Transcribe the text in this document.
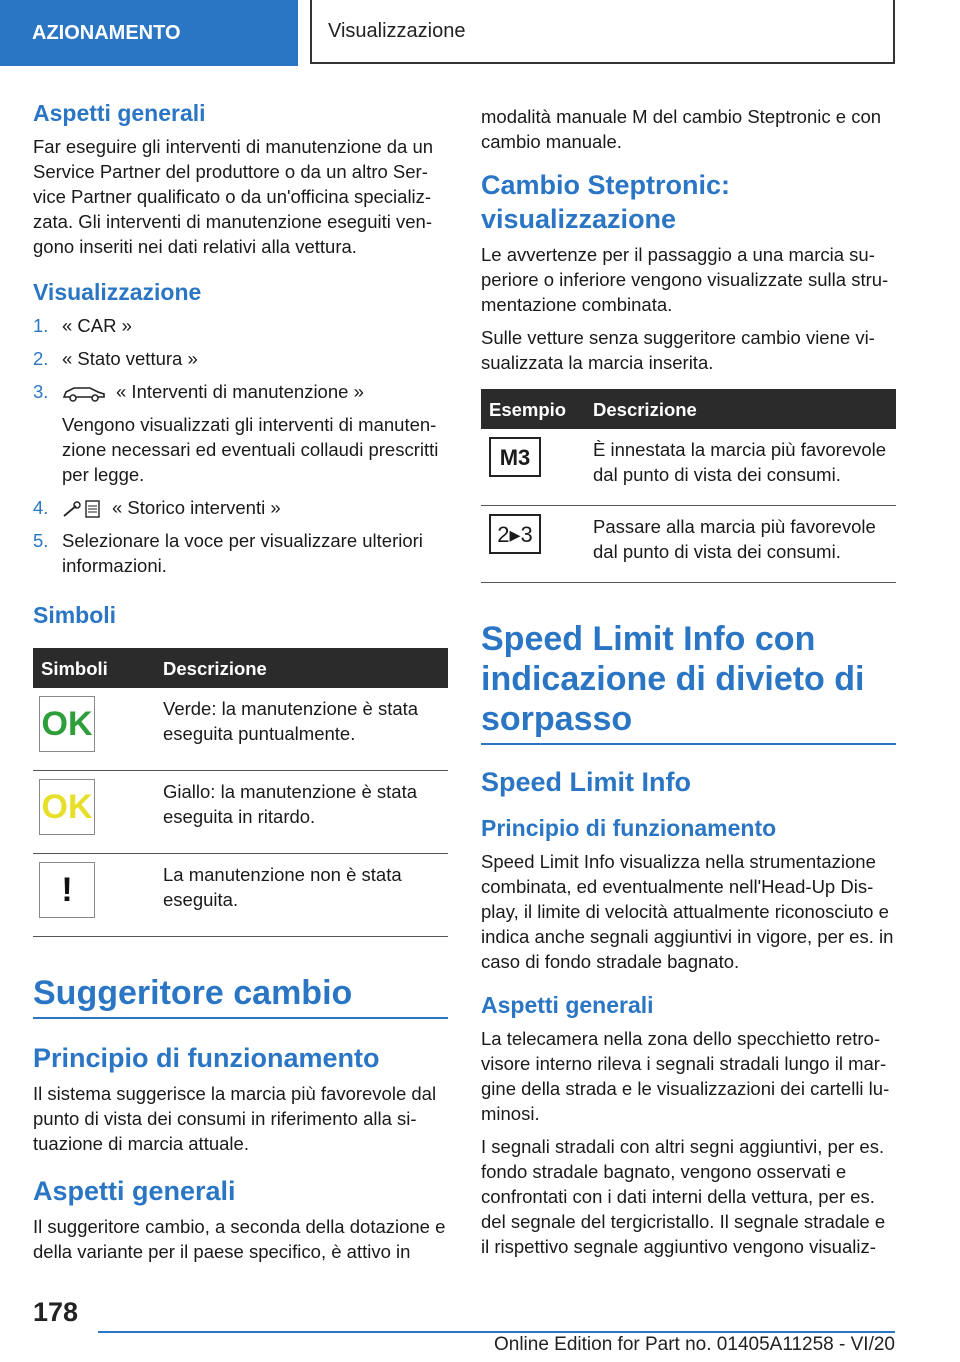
AZIONAMENTO	Visualizzazione
Aspetti generali

Far eseguire gli interventi di manutenzione da un Service Partner del produttore o da un altro Ser-vice Partner qualificato o da un'officina specializ-zata. Gli interventi di manutenzione eseguiti ven-gono inseriti nei dati relativi alla vettura.

Visualizzazione
1. « CAR »
2. « Stato vettura »
3.	« Interventi di manutenzione »
Vengono visualizzati gli interventi di manuten-zione necessari ed eventuali collaudi prescritti per legge.
4.	« Storico interventi »
5. Selezionare la voce per visualizzare ulteriori informazioni.
Simboli
Simboli	Descrizione

OK	Verde: la manutenzione è stata eseguita puntualmente.

OK	Giallo: la manutenzione è stata eseguita in ritardo.

!	La manutenzione non è stata eseguita.
Suggeritore cambio
Principio di funzionamento

Il sistema suggerisce la marcia più favorevole dal punto di vista dei consumi in riferimento alla si-tuazione di marcia attuale.

Aspetti generali

Il suggeritore cambio, a seconda della dotazione e della variante per il paese specifico, è attivo in

modalità manuale M del cambio Steptronic e con cambio manuale.

Cambio Steptronic: visualizzazione

Le avvertenze per il passaggio a una marcia su-periore o inferiore vengono visualizzate sulla stru-mentazione combinata.

Sulle vetture senza suggeritore cambio viene vi-sualizzata la marcia inserita.

Esempio	Descrizione

M3	È innestata la marcia più favorevole dal punto di vista dei consumi.

2▸3	Passare alla marcia più favorevole dal punto di vista dei consumi.
Speed Limit Info con indicazione di divieto di sorpasso
Speed Limit Info
Principio di funzionamento

Speed Limit Info visualizza nella strumentazione combinata, ed eventualmente nell'Head-Up Dis-play, il limite di velocità attualmente riconosciuto e indica anche segnali aggiuntivi in vigore, per es. in caso di fondo stradale bagnato.

Aspetti generali

La telecamera nella zona dello specchietto retro-visore interno rileva i segnali stradali lungo il mar-gine della strada e le visualizzazioni dei cartelli lu-minosi.

I segnali stradali con altri segni aggiuntivi, per es. fondo stradale bagnato, vengono osservati e confrontati con i dati interni della vettura, per es. del segnale del tergicristallo. Il segnale stradale e il rispettivo segnale aggiuntivo vengono visualiz-

178
Online Edition for Part no. 01405A11258 - VI/20
